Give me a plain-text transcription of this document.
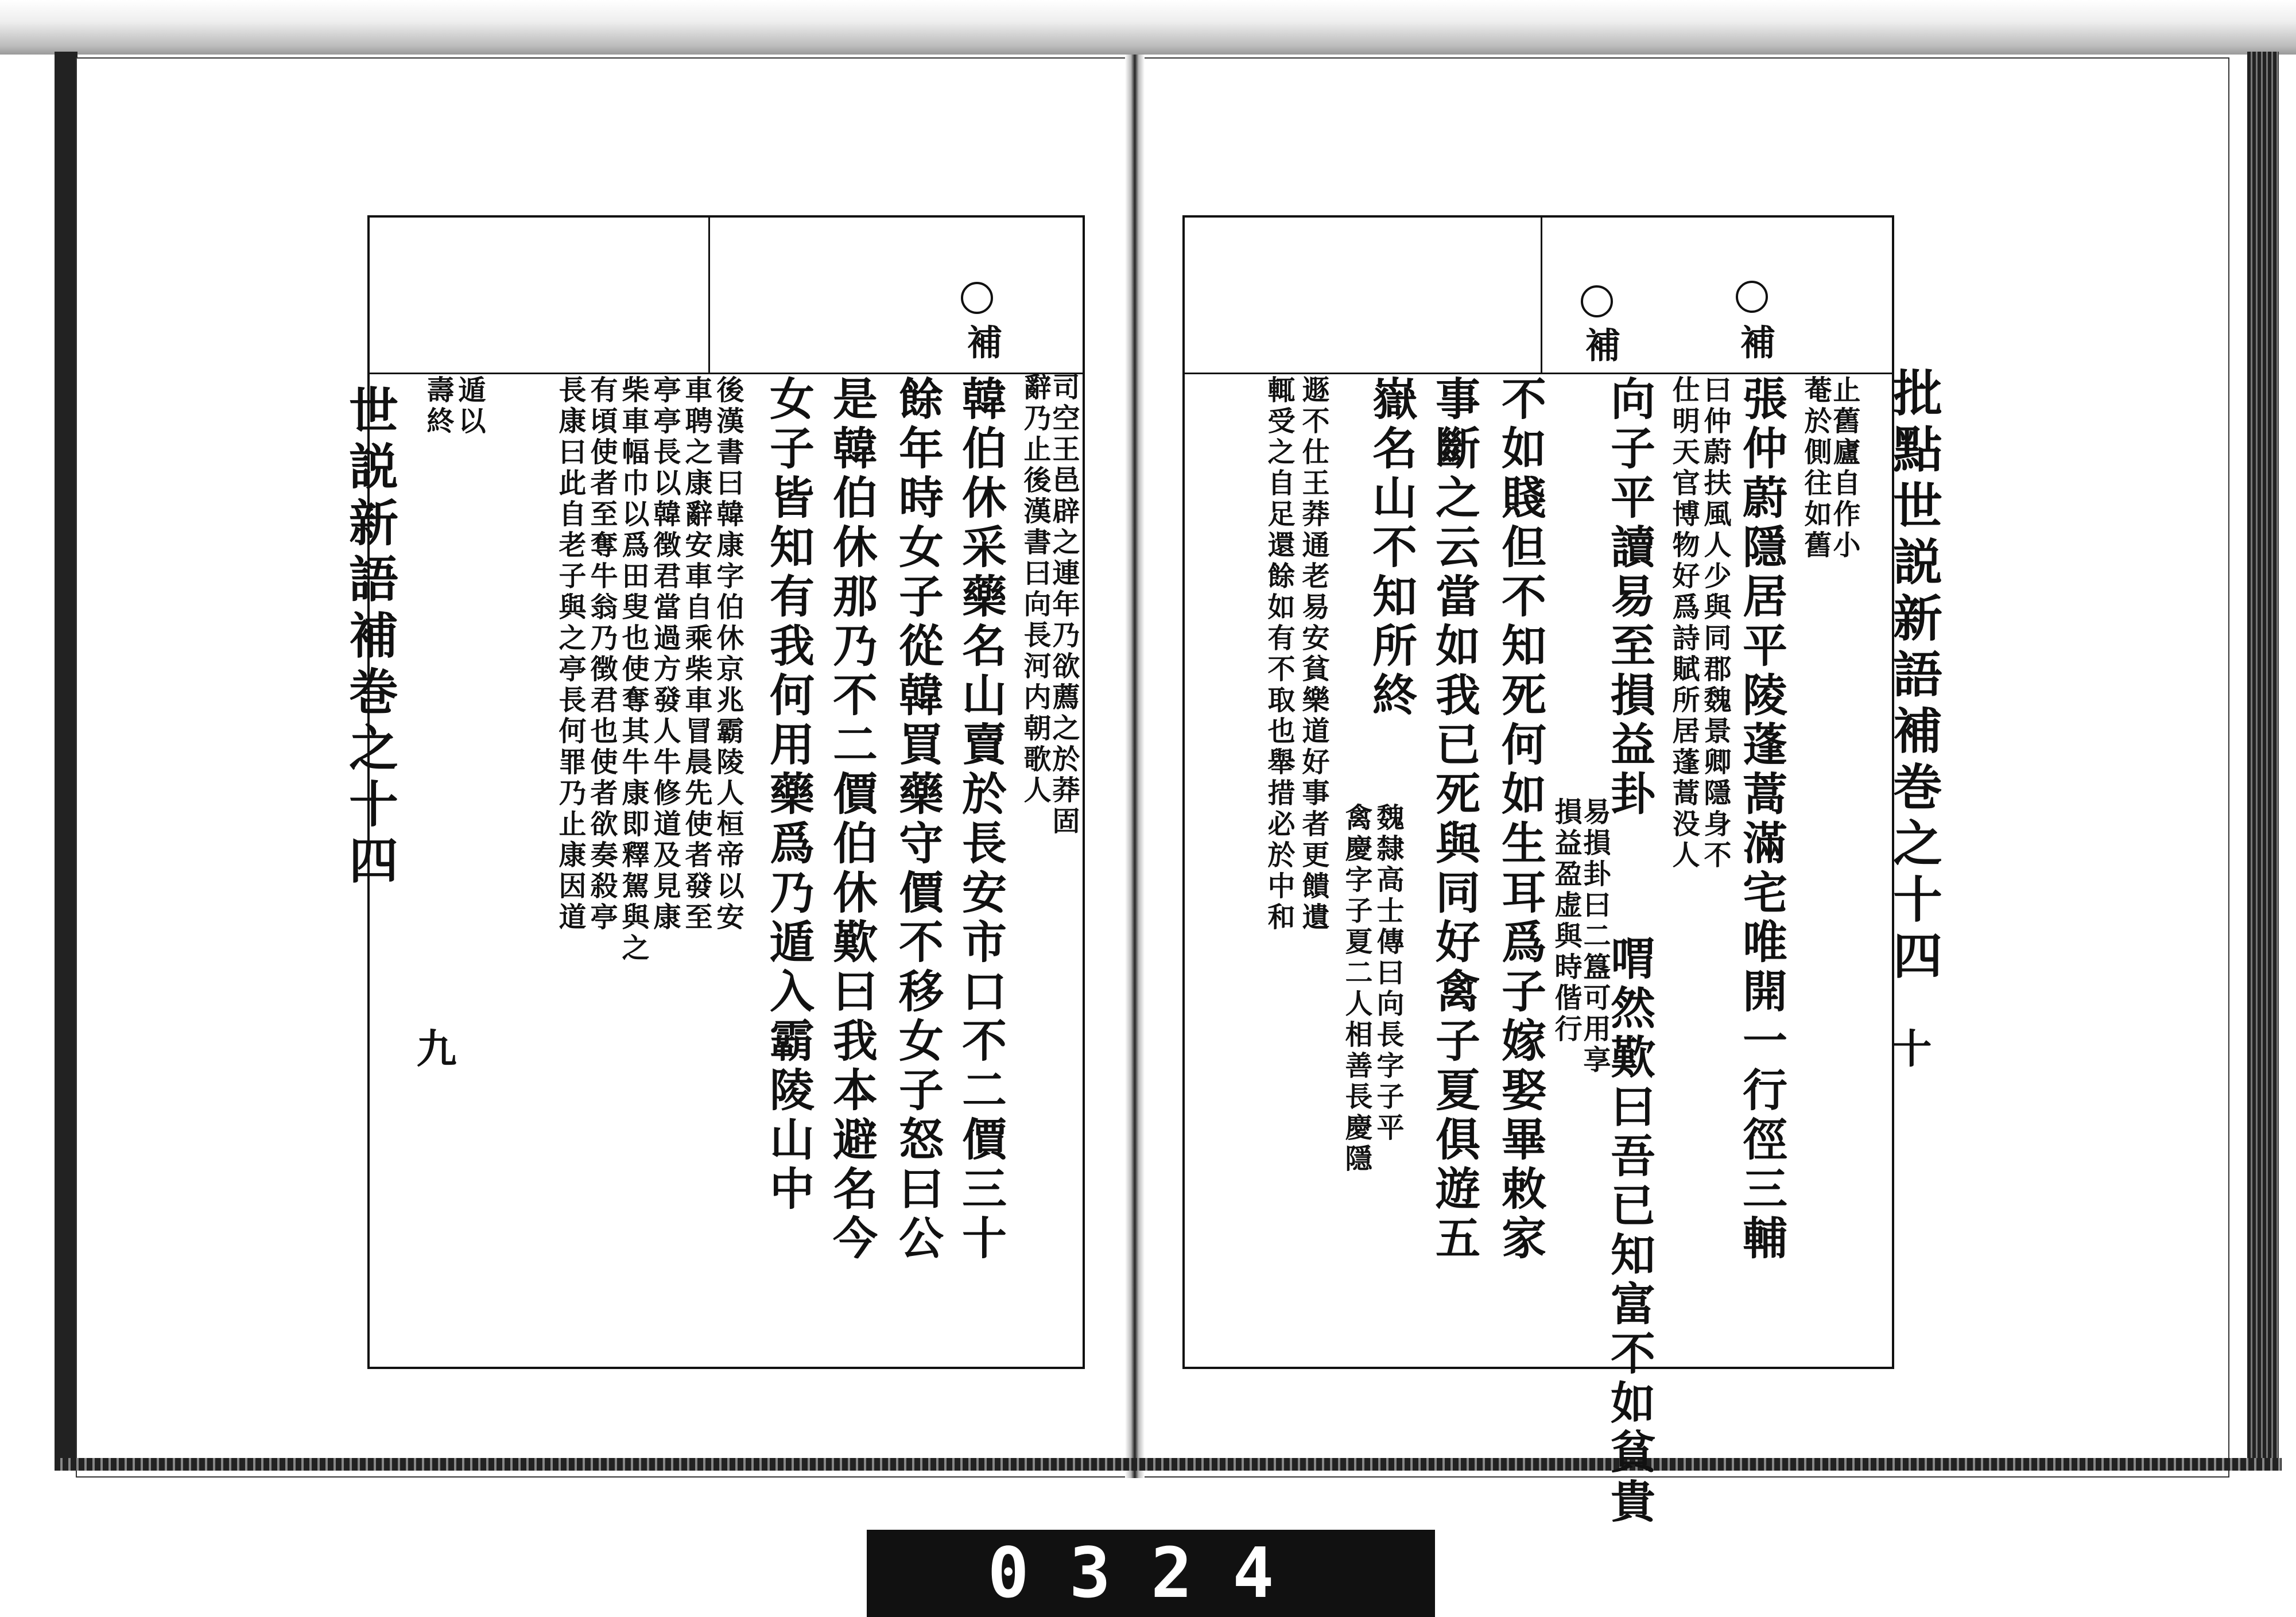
世説新語補巻之十四
九
補
司空王邑辟之連年乃欲薦之於莽固
辭乃止後漢書曰向長河内朝歌人
韓伯休采藥名山賣於長安市口不二價三十
餘年時女子從韓買藥守價不移女子怒曰公
是韓伯休那乃不二價伯休歎曰我本避名今
女子皆知有我何用藥爲乃遁入霸陵山中
後漢書曰韓康字伯休京兆霸陵人桓帝以安
車聘之康辭安車自乘柴車冒晨先使者發至
亭亭長以韓徴君當過方發人牛修道及見康
柴車幅巾以爲田叟也使奪其牛康即釋駕與之
有頃使者至奪牛翁乃徴君也使者欲奏殺亭
長康曰此自老子與之亭長何罪乃止康因道
遁以
壽終	批點世説新語補巻之十四
十
補
補
止舊廬自作小
菴於側往如舊
張仲蔚隱居平陵蓬蒿滿宅唯開一行徑三輔
曰仲蔚扶風人少與同郡魏景卿隱身不
仕明天官博物好爲詩賦所居蓬蒿没人
向子平讀易至損益卦
易損卦曰二簋可用享
損益盈虚與時偕行
喟然歎曰吾已知富不如貧貴
不如賤但不知死何如生耳爲子嫁娶畢敕家
事斷之云當如我已死與同好禽子夏俱遊五
嶽名山不知所終
魏隸高士傳曰向長字子平
禽慶字子夏二人相善長慶隱
遯不仕王莽通老易安貧樂道好事者更饋遺
輒受之自足還餘如有不取也舉措必於中和
0324
